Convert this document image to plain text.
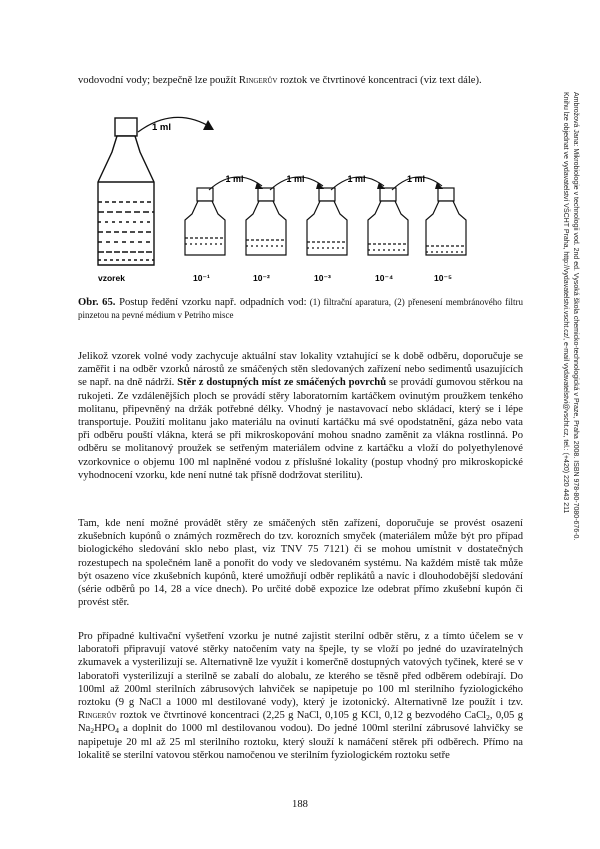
vodovodní vody; bezpečně lze použít Ringerův roztok ve čtvrtinové koncentraci (viz text dále).
1 ml
1 ml	1 ml	1 ml	1 ml
vzorek	10⁻¹	10⁻²	10⁻³	10⁻⁴	10⁻⁵
Obr. 65. Postup ředění vzorku např. odpadních vod: (1) filtrační aparatura, (2) přenesení membránového filtru pinzetou na pevné médium v Petriho misce
Jelikož vzorek volné vody zachycuje aktuální stav lokality vztahující se k době odběru, doporučuje se zaměřit i na odběr vzorků nárostů ze smáčených stěn sledovaných zařízení nebo sedimentů usazujících se např. na dně nádrží. Stěr z dostupných míst ze smáčených povrchů se provádí gumovou stěrkou na rukojeti. Ze vzdálenějších ploch se provádí stěry laboratorním kartáčkem ovinutým proužkem tenkého molitanu, připevněný na držák potřebné délky. Vhodný je nastavovací nebo skládací, který se i lépe transportuje. Použití molitanu jako materiálu na ovinutí kartáčku má své opodstatnění, gáza nebo vata při odběru pouští vlákna, která se při mikroskopování mohou snadno zaměnit za vlákna rostlinná. Po odběru se molitanový proužek se setřeným materiálem odvine z kartáčku a vloží do polyethylenové vzorkovnice o objemu 100 ml naplněné vodou z příslušné lokality (postup vhodný pro mikroskopické vyhodnocení vzorku, kde není nutné tak přísně dodržovat sterilitu).
Tam, kde není možné provádět stěry ze smáčených stěn zařízení, doporučuje se provést osazení zkušebních kupónů o známých rozměrech do tzv. korozních smyček (materiálem může být pro případ biologického sledování sklo nebo plast, viz TNV 75 7121) či se mohou umístnit v dostatečných rozestupech na společném laně a ponořit do vody ve sledovaném systému. Na každém místě tak může být osazeno více zkušebních kupónů, které umožňují odběr replikátů a navíc i dlouhodobější sledování (série odběrů po 14, 28 a více dnech). Po určité době expozice lze odebrat přímo zkušební kupón či provést stěr.
Pro případné kultivační vyšetření vzorku je nutné zajistit sterilní odběr stěru, z a tímto účelem se v laboratoři připravují vatové stěrky natočením vaty na špejle, ty se vloží po jedné do uzavíratelných zkumavek a vysterilizují se. Alternativně lze využít i komerčně dostupných vatových tyčinek, které se v laboratoři vysterilizují a sterilně se zabalí do alobalu, ze kterého se těsně před odběrem odebírají. Do 100ml až 200ml sterilních zábrusových lahviček se napipetuje po 100 ml sterilního fyziologického roztoku (9 g NaCl a 1000 ml destilované vody), který je izotonický. Alternativně lze použít i tzv. Ringerův roztok ve čtvrtinové koncentraci (2,25 g NaCl, 0,105 g KCl, 0,12 g bezvodého CaCl$_2$, 0,05 g $Na_2HPO_4$ a doplnit do 1000 ml destilovanou vodou). Do jedné 100ml sterilní zábrusové lahvičky se napipetuje 20 ml až 25 ml sterilního roztoku, který slouží k namáčení stěrek při odběrech. Přímo na lokalitě se sterilní vatovou stěrkou namočenou ve sterilním fyziologickém roztoku setře
188
Ambrožová Jana: Mikrobiologie v technologii vod. 2nd ed. Vysoká škola chemicko-technologická v Praze, Praha 2008. ISBN 978-80-7080-676-0.
Knihu lze objednat ve vydavatelství VŠCHT Praha, http://vydavatelstvi.vscht.cz/, e-mail vydavatelstvi@vscht.cz, tel.: (+420) 220 443 211
